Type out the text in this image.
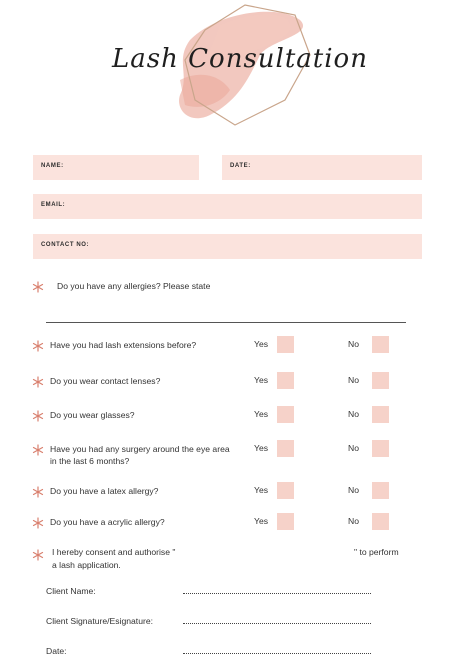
Lash Consultation
NAME:	DATE:
EMAIL:
CONTACT NO:
Do you have any allergies? Please state
Have you had lash extensions before?	Yes	No
Do you wear contact lenses?	Yes	No
Do you wear glasses?	Yes	No
Have you had any surgery around the eye area
in the last 6 months?
Yes	No
Do you have a latex allergy?	Yes	No
Do you have a acrylic allergy?	Yes	No
I hereby consent and authorise "	" to perform
a lash application.
Client Name:
Client Signature/Esignature:
Date:
